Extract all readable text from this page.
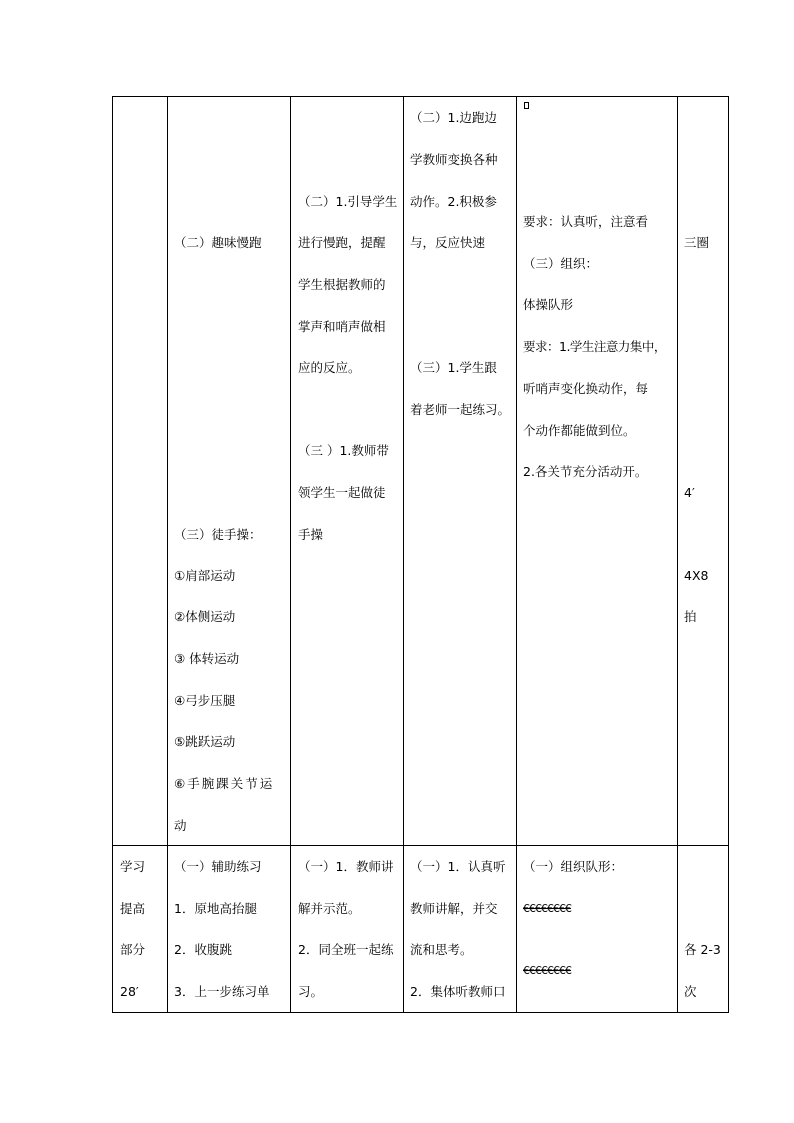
（二）趣味慢跑
（三）徒手操：
①肩部运动
②体侧运动
③ 体转运动
④弓步压腿
⑤跳跃运动
⑥手腕踝关节运
动
（二）1.引导学生
进行慢跑，提醒
学生根据教师的
掌声和哨声做相
应的反应。
（三 ）1.教师带
领学生一起做徒
手操
（二）1.边跑边
学教师变换各种
动作。2.积极参
与，反应快速
（三）1.学生跟
着老师一起练习。
要求：认真听，注意看
（三）组织：
体操队形
要求：1.学生注意力集中，
听哨声变化换动作，每
个动作都能做到位。
2.各关节充分活动开。
三圈
4′
4X8
拍
学习
提高
部分
28′
（一）辅助练习
1．原地高抬腿
2．收腹跳
3．上一步练习单
（一）1．教师讲
解并示范。
2．同全班一起练
习。
（一）1．认真听
教师讲解，并交
流和思考。
2．集体听教师口
（一）组织队形：
€€€€€€€€
€€€€€€€€
各 2-3
次
